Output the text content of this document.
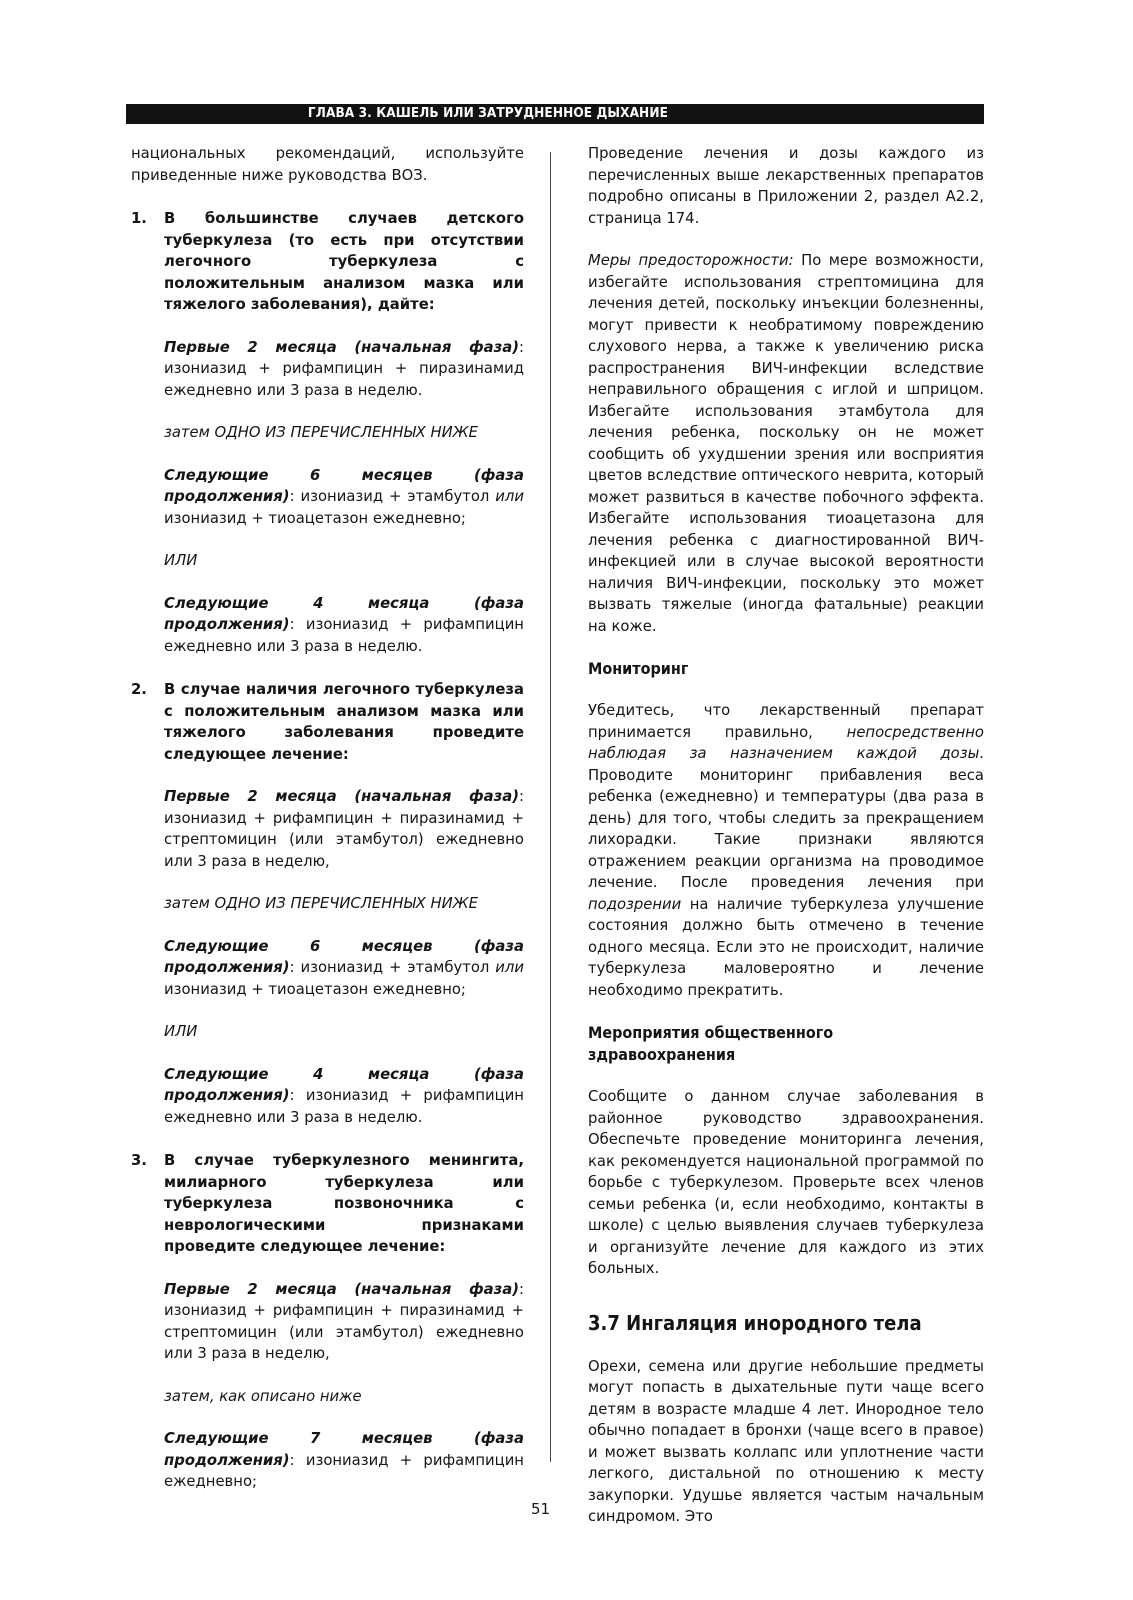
ГЛАВА 3. КАШЕЛЬ ИЛИ ЗАТРУДНЕННОЕ ДЫХАНИЕ

национальных рекомендаций, используйте приведенные ниже руководства ВОЗ.

1. В большинстве случаев детского туберкулеза (то есть при отсутствии легочного туберкулеза с положительным анализом мазка или тяжелого заболевания), дайте:

Первые 2 месяца (начальная фаза): изониазид + рифампицин + пиразинамид ежедневно или 3 раза в неделю.

затем ОДНО ИЗ ПЕРЕЧИСЛЕННЫХ НИЖЕ

Следующие 6 месяцев (фаза продолжения): изониазид + этамбутол или изониазид + тиоацетазон ежедневно;

ИЛИ

Следующие 4 месяца (фаза продолжения): изониазид + рифампицин ежедневно или 3 раза в неделю.

2. В случае наличия легочного туберкулеза с положительным анализом мазка или тяжелого заболевания проведите следующее лечение:

Первые 2 месяца (начальная фаза): изониазид + рифампицин + пиразинамид + стрептомицин (или этамбутол) ежедневно или 3 раза в неделю,

затем ОДНО ИЗ ПЕРЕЧИСЛЕННЫХ НИЖЕ

Следующие 6 месяцев (фаза продолжения): изониазид + этамбутол или изониазид + тиоацетазон ежедневно;

ИЛИ

Следующие 4 месяца (фаза продолжения): изониазид + рифампицин ежедневно или 3 раза в неделю.

3. В случае туберкулезного менингита, милиарного туберкулеза или туберкулеза позвоночника с неврологическими признаками проведите следующее лечение:

Первые 2 месяца (начальная фаза): изониазид + рифампицин + пиразинамид + стрептомицин (или этамбутол) ежедневно или 3 раза в неделю,

затем, как описано ниже

Следующие 7 месяцев (фаза продолжения): изониазид + рифампицин ежедневно;

Проведение лечения и дозы каждого из перечисленных выше лекарственных препаратов подробно описаны в Приложении 2, раздел А2.2, страница 174.

Меры предосторожности: По мере возможности, избегайте использования стрептомицина для лечения детей, поскольку инъекции болезненны, могут привести к необратимому повреждению слухового нерва, а также к увеличению риска распространения ВИЧ-инфекции вследствие неправильного обращения с иглой и шприцом. Избегайте использования этамбутола для лечения ребенка, поскольку он не может сообщить об ухудшении зрения или восприятия цветов вследствие оптического неврита, который может развиться в качестве побочного эффекта. Избегайте использования тиоацетазона для лечения ребенка с диагностированной ВИЧ-инфекцией или в случае высокой вероятности наличия ВИЧ-инфекции, поскольку это может вызвать тяжелые (иногда фатальные) реакции на коже.

Мониторинг

Убедитесь, что лекарственный препарат принимается правильно, непосредственно наблюдая за назначением каждой дозы. Проводите мониторинг прибавления веса ребенка (ежедневно) и температуры (два раза в день) для того, чтобы следить за прекращением лихорадки. Такие признаки являются отражением реакции организма на проводимое лечение. После проведения лечения при подозрении на наличие туберкулеза улучшение состояния должно быть отмечено в течение одного месяца. Если это не происходит, наличие туберкулеза маловероятно и лечение необходимо прекратить.

Мероприятия общественного здравоохранения

Сообщите о данном случае заболевания в районное руководство здравоохранения. Обеспечьте проведение мониторинга лечения, как рекомендуется национальной программой по борьбе с туберкулезом. Проверьте всех членов семьи ребенка (и, если необходимо, контакты в школе) с целью выявления случаев туберкулеза и организуйте лечение для каждого из этих больных.

3.7 Ингаляция инородного тела

Орехи, семена или другие небольшие предметы могут попасть в дыхательные пути чаще всего детям в возрасте младше 4 лет. Инородное тело обычно попадает в бронхи (чаще всего в правое) и может вызвать коллапс или уплотнение части легкого, дистальной по отношению к месту закупорки. Удушье является частым начальным синдромом. Это

51
